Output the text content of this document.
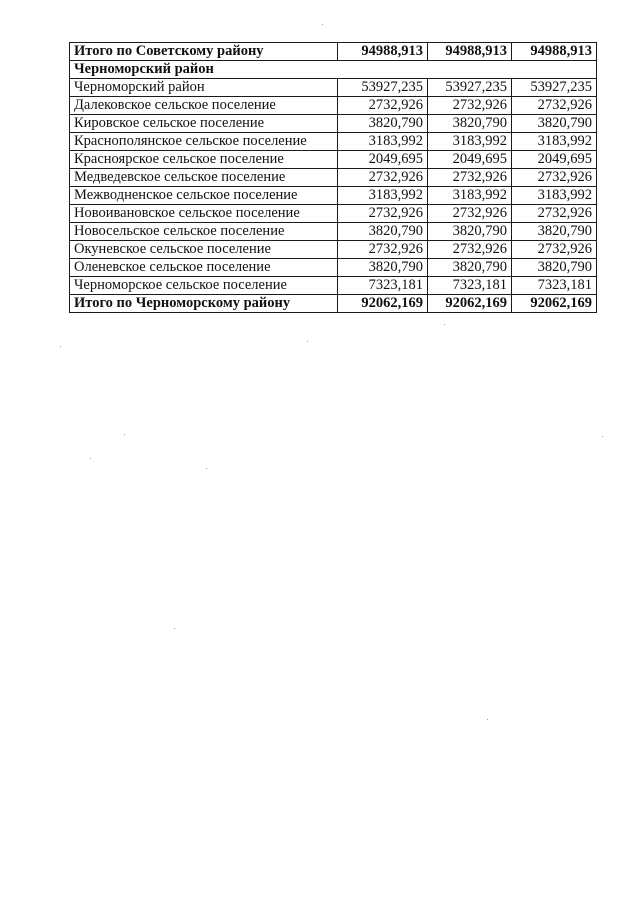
Итого по Советскому району	94988,913	94988,913	94988,913
Черноморский район			
Черноморский район	53927,235	53927,235	53927,235
Далековское сельское поселение	2732,926	2732,926	2732,926
Кировское сельское поселение	3820,790	3820,790	3820,790
Краснополянское сельское поселение	3183,992	3183,992	3183,992
Красноярское сельское поселение	2049,695	2049,695	2049,695
Медведевское сельское поселение	2732,926	2732,926	2732,926
Межводненское сельское поселение	3183,992	3183,992	3183,992
Новоивановское сельское поселение	2732,926	2732,926	2732,926
Новосельское сельское поселение	3820,790	3820,790	3820,790
Окуневское сельское поселение	2732,926	2732,926	2732,926
Оленевское сельское поселение	3820,790	3820,790	3820,790
Черноморское сельское поселение	7323,181	7323,181	7323,181
Итого по Черноморскому району	92062,169	92062,169	92062,169
